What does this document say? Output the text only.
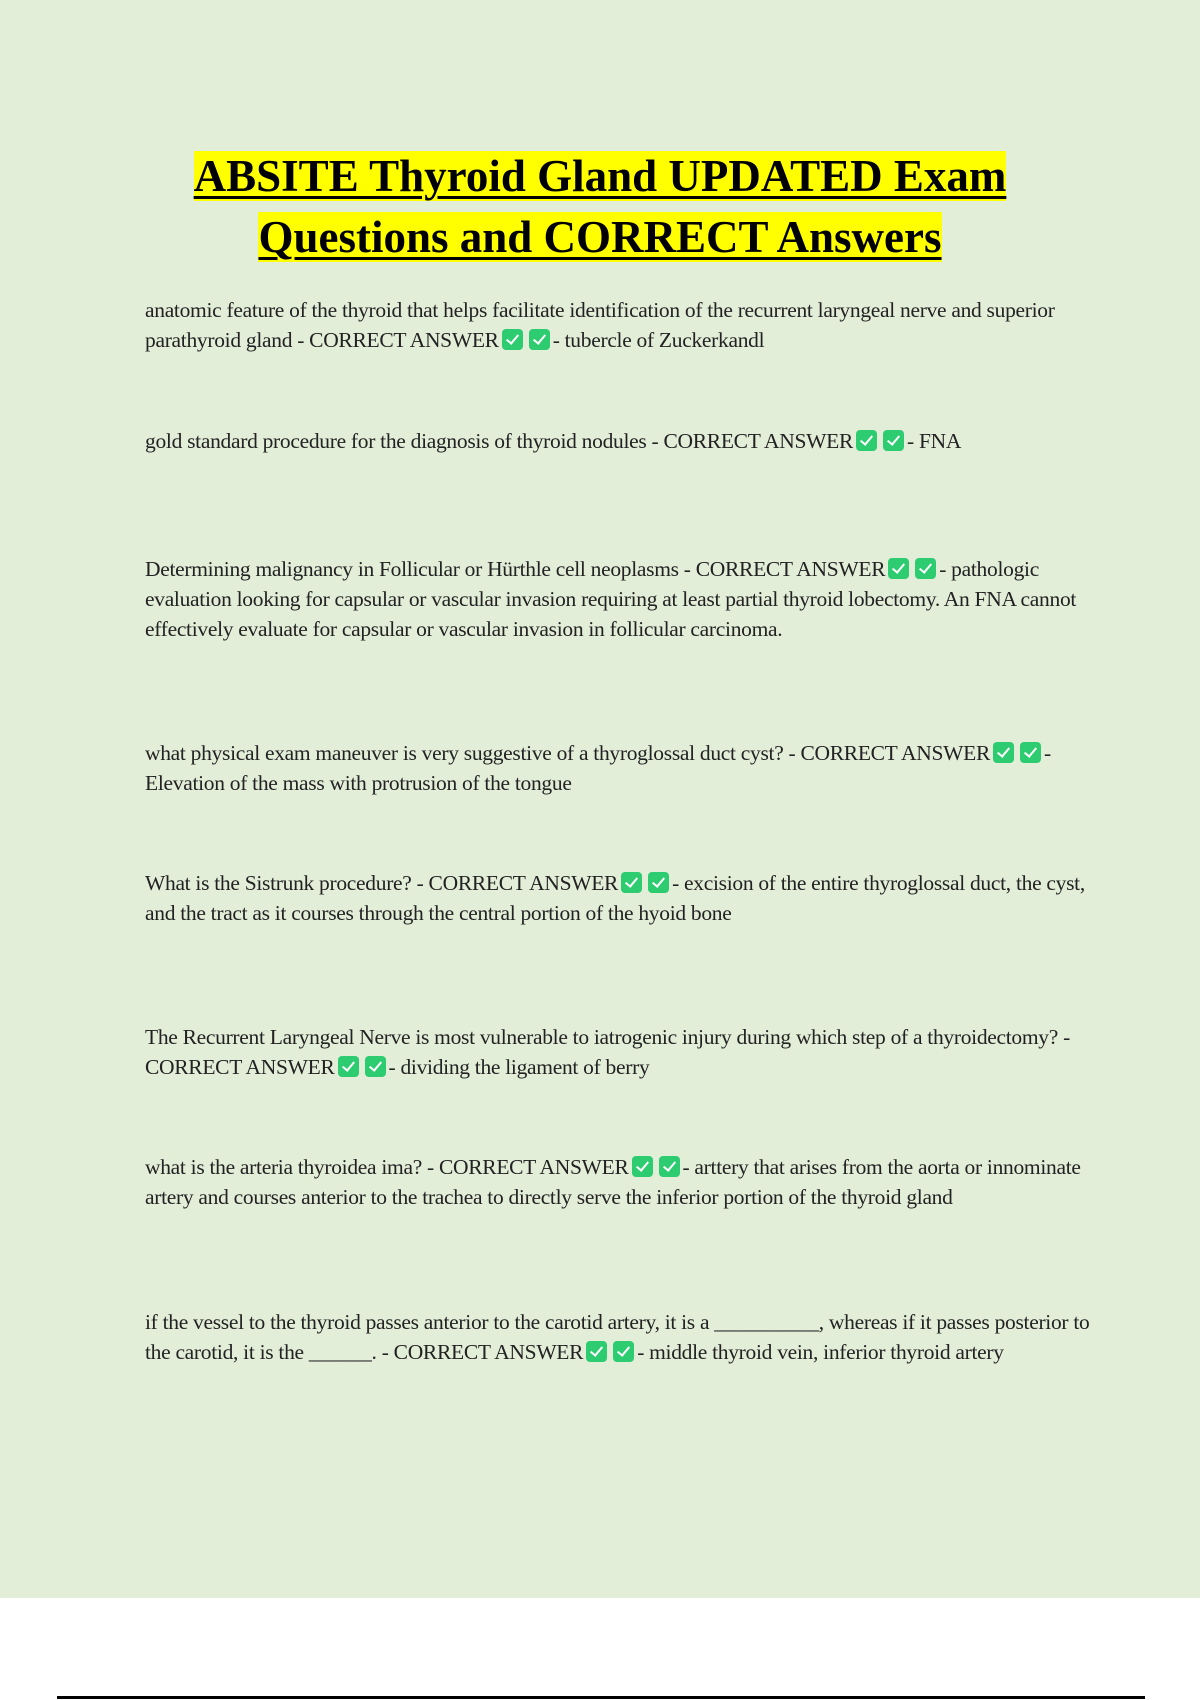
ABSITE Thyroid Gland UPDATED Exam
Questions and CORRECT Answers
anatomic feature of the thyroid that helps facilitate identification of the recurrent laryngeal nerve and superior parathyroid gland - CORRECT ANSWER	- tubercle of Zuckerkandl
gold standard procedure for the diagnosis of thyroid nodules - CORRECT ANSWER	- FNA
Determining malignancy in Follicular or Hürthle cell neoplasms - CORRECT ANSWER	- pathologic evaluation looking for capsular or vascular invasion requiring at least partial thyroid lobectomy. An FNA cannot effectively evaluate for capsular or vascular invasion in follicular carcinoma.
what physical exam maneuver is very suggestive of a thyroglossal duct cyst? - CORRECT ANSWER	- Elevation of the mass with protrusion of the tongue
What is the Sistrunk procedure? - CORRECT ANSWER	- excision of the entire thyroglossal duct, the cyst, and the tract as it courses through the central portion of the hyoid bone
The Recurrent Laryngeal Nerve is most vulnerable to iatrogenic injury during which step of a thyroidectomy? - CORRECT ANSWER	- dividing the ligament of berry
what is the arteria thyroidea ima? - CORRECT ANSWER	- arttery that arises from the aorta or innominate artery and courses anterior to the trachea to directly serve the inferior portion of the thyroid gland
if the vessel to the thyroid passes anterior to the carotid artery, it is a __________, whereas if it passes posterior to the carotid, it is the ______. - CORRECT ANSWER	- middle thyroid vein, inferior thyroid artery
